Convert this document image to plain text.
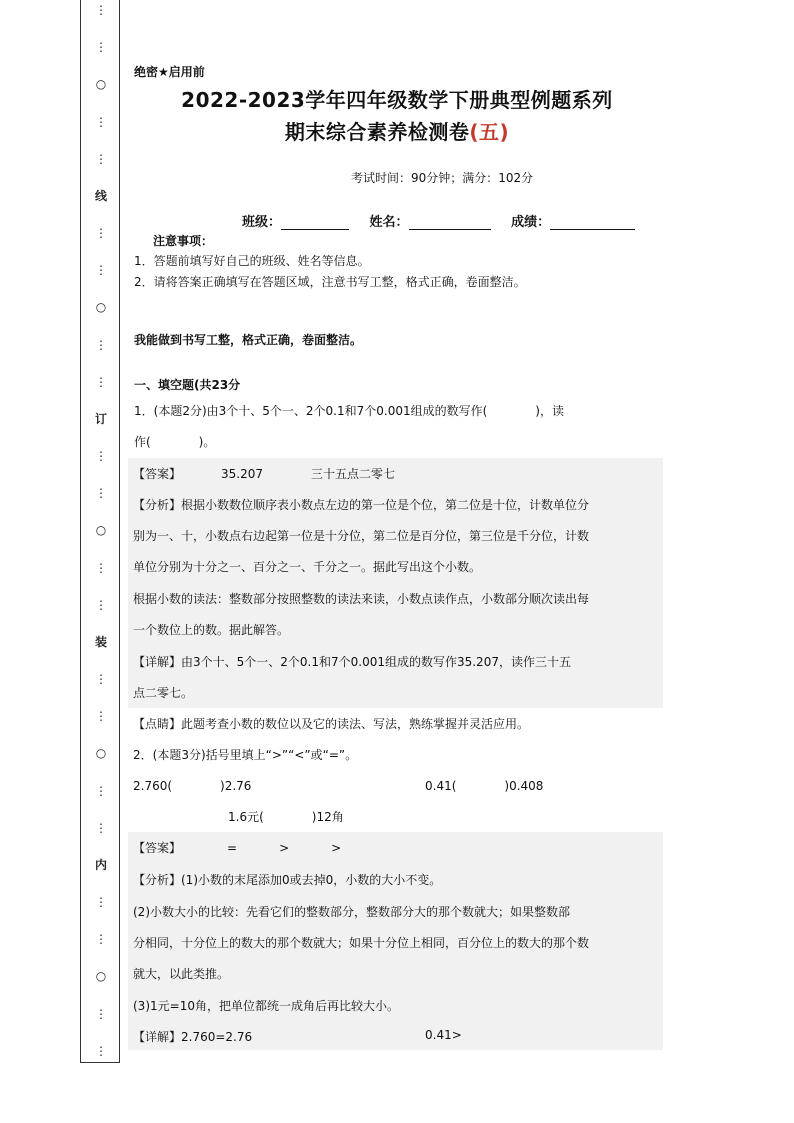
⋮
⋮
○
⋮
⋮
线
⋮
⋮
○
⋮
⋮
订
⋮
⋮
○
⋮
⋮
装
⋮
⋮
○
⋮
⋮
内
⋮
⋮
○
⋮
⋮
绝密★启用前
2022-2023学年四年级数学下册典型例题系列
期末综合素养检测卷(五)
考试时间：90分钟；满分：102分
班级：	姓名：	成绩：
注意事项：
1．答题前填写好自己的班级、姓名等信息。
2．请将答案正确填写在答题区域，注意书写工整，格式正确，卷面整洁。
我能做到书写工整，格式正确，卷面整洁。
一、填空题(共23分
1．(本题2分)由3个十、5个一、2个0.1和7个0.001组成的数写作(　　　　)，读
作(　　　　)。
【答案】	35.207	三十五点二零七
【分析】根据小数数位顺序表小数点左边的第一位是个位，第二位是十位，计数单位分
别为一、十，小数点右边起第一位是十分位，第二位是百分位，第三位是千分位，计数
单位分别为十分之一、百分之一、千分之一。据此写出这个小数。
根据小数的读法：整数部分按照整数的读法来读，小数点读作点，小数部分顺次读出每
一个数位上的数。据此解答。
【详解】由3个十、5个一、2个0.1和7个0.001组成的数写作35.207，读作三十五
点二零七。
【点睛】此题考查小数的数位以及它的读法、写法，熟练掌握并灵活应用。
2．(本题3分)括号里填上“>”“<”或“=”。
2.760(　　　　)2.76	0.41(　　　　)0.408
1.6元(　　　　)12角
【答案】	=	>	>
【分析】(1)小数的末尾添加0或去掉0，小数的大小不变。
(2)小数大小的比较：先看它们的整数部分，整数部分大的那个数就大；如果整数部
分相同，十分位上的数大的那个数就大；如果十分位上相同，百分位上的数大的那个数
就大，以此类推。
(3)1元=10角，把单位都统一成角后再比较大小。
【详解】2.760=2.76	0.41>
